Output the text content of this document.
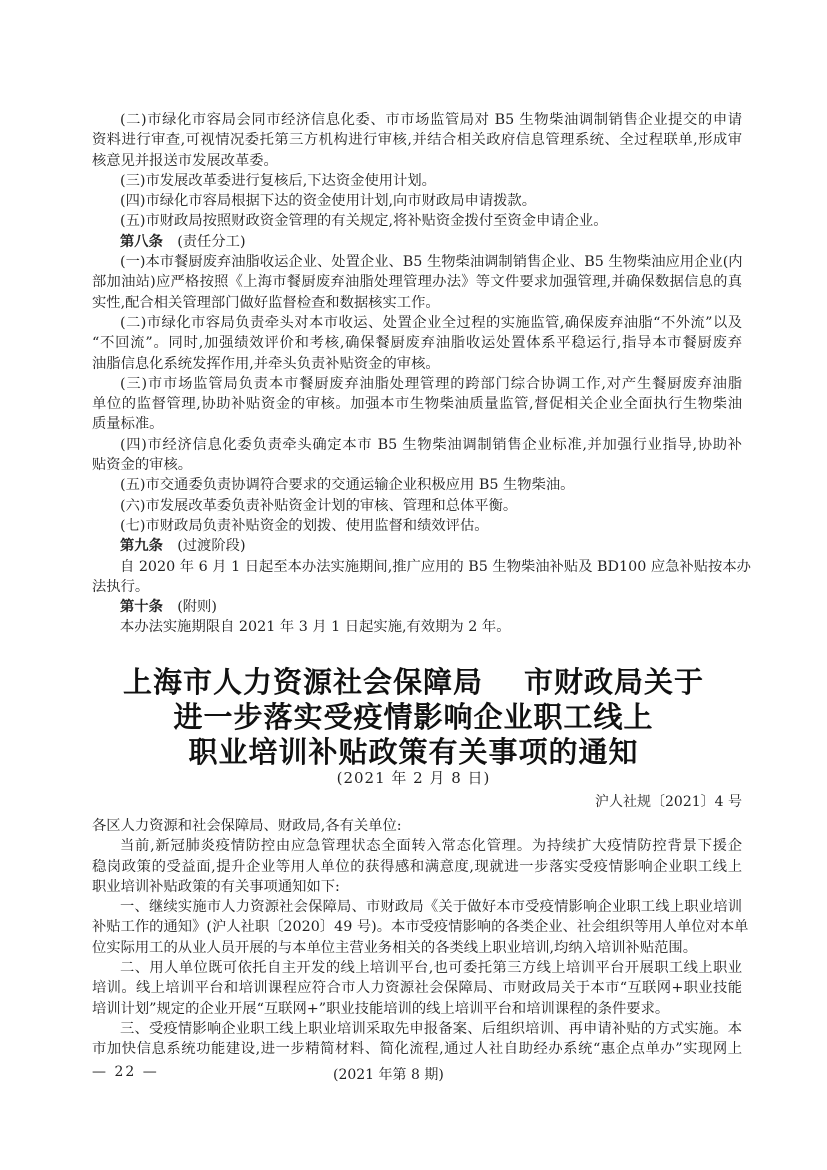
(二)市绿化市容局会同市经济信息化委、市市场监管局对 B5 生物柴油调制销售企业提交的申请
资料进行审查,可视情况委托第三方机构进行审核,并结合相关政府信息管理系统、全过程联单,形成审
核意见并报送市发展改革委。
(三)市发展改革委进行复核后,下达资金使用计划。
(四)市绿化市容局根据下达的资金使用计划,向市财政局申请拨款。
(五)市财政局按照财政资金管理的有关规定,将补贴资金拨付至资金申请企业。
第八条　 (责任分工)
(一)本市餐厨废弃油脂收运企业、处置企业、B5 生物柴油调制销售企业、B5 生物柴油应用企业(内
部加油站)应严格按照《上海市餐厨废弃油脂处理管理办法》等文件要求加强管理,并确保数据信息的真
实性,配合相关管理部门做好监督检查和数据核实工作。
(二)市绿化市容局负责牵头对本市收运、处置企业全过程的实施监管,确保废弃油脂“不外流”以及
“不回流”。同时,加强绩效评价和考核,确保餐厨废弃油脂收运处置体系平稳运行,指导本市餐厨废弃
油脂信息化系统发挥作用,并牵头负责补贴资金的审核。
(三)市市场监管局负责本市餐厨废弃油脂处理管理的跨部门综合协调工作,对产生餐厨废弃油脂
单位的监督管理,协助补贴资金的审核。加强本市生物柴油质量监管,督促相关企业全面执行生物柴油
质量标准。
(四)市经济信息化委负责牵头确定本市 B5 生物柴油调制销售企业标准,并加强行业指导,协助补
贴资金的审核。
(五)市交通委负责协调符合要求的交通运输企业积极应用 B5 生物柴油。
(六)市发展改革委负责补贴资金计划的审核、管理和总体平衡。
(七)市财政局负责补贴资金的划拨、使用监督和绩效评估。
第九条　 (过渡阶段)
自 2020 年 6 月 1 日起至本办法实施期间,推广应用的 B5 生物柴油补贴及 BD100 应急补贴按本办
法执行。
第十条　 (附则)
本办法实施期限自 2021 年 3 月 1 日起实施,有效期为 2 年。
上海市人力资源社会保障局　 市财政局关于
进一步落实受疫情影响企业职工线上
职业培训补贴政策有关事项的通知
(2021 年 2 月 8 日)
沪人社规〔2021〕4 号
各区人力资源和社会保障局、财政局,各有关单位:
当前,新冠肺炎疫情防控由应急管理状态全面转入常态化管理。为持续扩大疫情防控背景下援企
稳岗政策的受益面,提升企业等用人单位的获得感和满意度,现就进一步落实受疫情影响企业职工线上
职业培训补贴政策的有关事项通知如下:
一、继续实施市人力资源社会保障局、市财政局《关于做好本市受疫情影响企业职工线上职业培训
补贴工作的通知》(沪人社职〔2020〕49 号)。本市受疫情影响的各类企业、社会组织等用人单位对本单
位实际用工的从业人员开展的与本单位主营业务相关的各类线上职业培训,均纳入培训补贴范围。
二、用人单位既可依托自主开发的线上培训平台,也可委托第三方线上培训平台开展职工线上职业
培训。线上培训平台和培训课程应符合市人力资源社会保障局、市财政局关于本市“互联网+职业技能
培训计划”规定的企业开展“互联网+”职业技能培训的线上培训平台和培训课程的条件要求。
三、受疫情影响企业职工线上职业培训采取先申报备案、后组织培训、再申请补贴的方式实施。本
市加快信息系统功能建设,进一步精简材料、简化流程,通过人社自助经办系统“惠企点单办”实现网上
— 22 —	(2021 年第 8 期)
